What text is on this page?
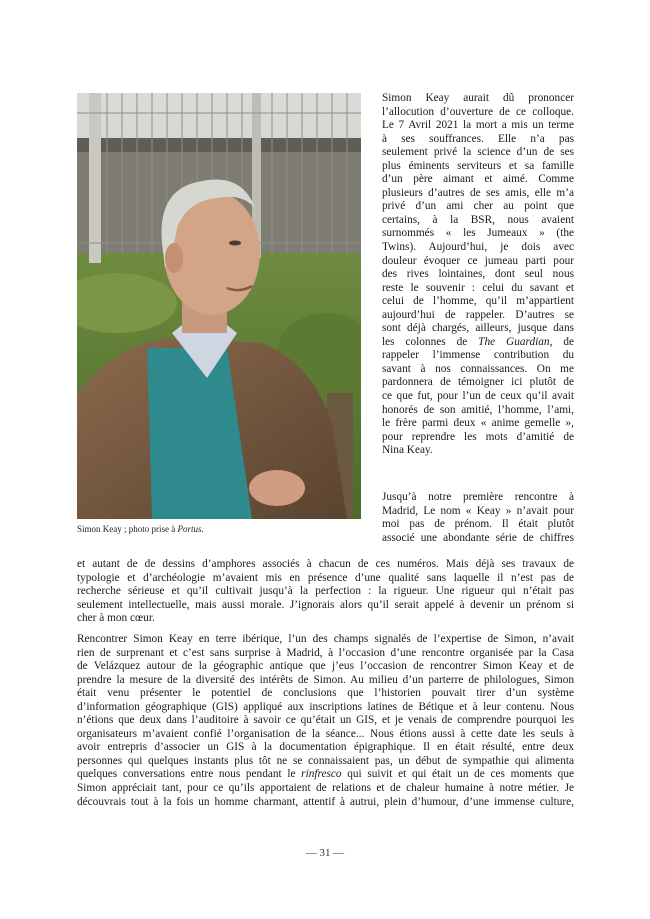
Simon Keay ; photo prise à Portus.
Simon Keay aurait dû prononcer
l’allocution d’ouverture de ce colloque.
Le 7 Avril 2021 la mort a mis un terme
à ses souffrances. Elle n’a pas
seulement privé la science d’un de ses
plus éminents serviteurs et sa famille
d’un père aimant et aimé. Comme
plusieurs d’autres de ses amis, elle m’a
privé d’un ami cher au point que
certains, à la BSR, nous avaient
surnommés « les Jumeaux » (the
Twins). Aujourd’hui, je dois avec
douleur évoquer ce jumeau parti pour
des rives lointaines, dont seul nous
reste le souvenir : celui du savant et
celui de l’homme, qu’il m’appartient
aujourd’hui de rappeler. D’autres se
sont déjà chargés, ailleurs, jusque dans
les colonnes de The Guardian, de
rappeler l’immense contribution du
savant à nos connaissances. On me
pardonnera de témoigner ici plutôt de
ce que fut, pour l’un de ceux qu’il avait
honorés de son amitié, l’homme, l’ami,
le frère parmi deux « anime gemelle »,
pour reprendre les mots d’amitié de
Nina Keay.
Jusqu’à notre première rencontre à
Madrid, Le nom « Keay » n’avait pour
moi pas de prénom. Il était plutôt
associé une abondante série de chiffres
et autant de de dessins d’amphores associés à chacun de ces numéros. Mais déjà ses travaux de
typologie et d’archéologie m’avaient mis en présence d’une qualité sans laquelle il n’est pas de
recherche sérieuse et qu’il cultivait jusqu’à la perfection : la rigueur. Une rigueur qui n’était pas
seulement intellectuelle, mais aussi morale. J’ignorais alors qu’il serait appelé à devenir un prénom si
cher à mon cœur.
Rencontrer Simon Keay en terre ibérique, l’un des champs signalés de l’expertise de Simon, n’avait
rien de surprenant et c’est sans surprise à Madrid, à l’occasion d’une rencontre organisée par la Casa
de Velázquez autour de la géographic antique que j’eus l’occasion de rencontrer Simon Keay et de
prendre la mesure de la diversité des intérêts de Simon. Au milieu d’un parterre de philologues, Simon
était venu présenter le potentiel de conclusions que l’historien pouvait tirer d’un système
d’information géographique (GIS) appliqué aux inscriptions latines de Bétique et à leur contenu. Nous
n’étions que deux dans l’auditoire à savoir ce qu’était un GIS, et je venais de comprendre pourquoi les
organisateurs m’avaient confié l’organisation de la séance... Nous étions aussi à cette date les seuls à
avoir entrepris d’associer un GIS à la documentation épigraphique. Il en était résulté, entre deux
personnes qui quelques instants plus tôt ne se connaissaient pas, un début de sympathie qui alimenta
quelques conversations entre nous pendant le rinfresco qui suivit et qui était un de ces moments que
Simon appréciait tant, pour ce qu’ils apportaient de relations et de chaleur humaine à notre métier. Je
découvrais tout à la fois un homme charmant, attentif à autrui, plein d’humour, d’une immense culture,
— 31 —
